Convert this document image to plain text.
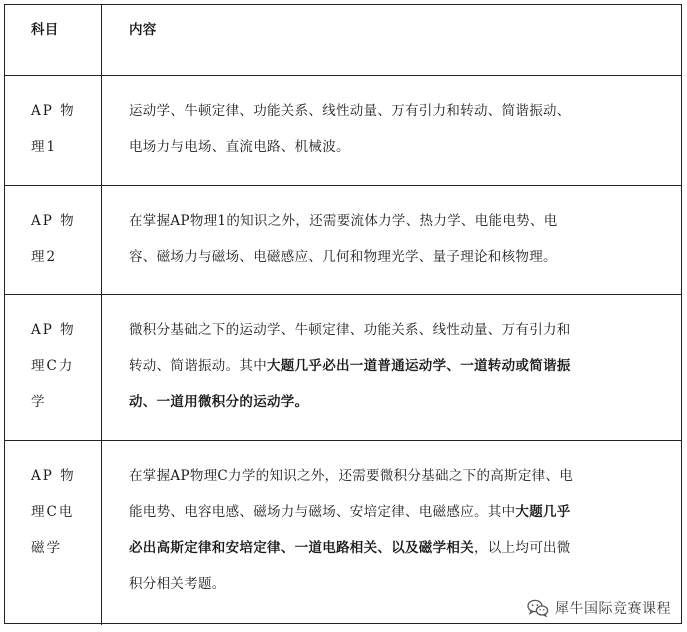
科目	内容
AP 物
理1
运动学、牛顿定律、功能关系、线性动量、万有引力和转动、简谐振动、
电场力与电场、直流电路、机械波。
AP 物
理2
在掌握AP物理1的知识之外，还需要流体力学、热力学、电能电势、电
容、磁场力与磁场、电磁感应、几何和物理光学、量子理论和核物理。
AP 物
理C力
学
微积分基础之下的运动学、牛顿定律、功能关系、线性动量、万有引力和
转动、简谐振动。其中大题几乎必出一道普通运动学、一道转动或简谐振
动、一道用微积分的运动学。
AP 物
理C电
磁学
在掌握AP物理C力学的知识之外，还需要微积分基础之下的高斯定律、电
能电势、电容电感、磁场力与磁场、安培定律、电磁感应。其中大题几乎
必出高斯定律和安培定律、一道电路相关、以及磁学相关，以上均可出微
积分相关考题。
犀牛国际竞赛课程
